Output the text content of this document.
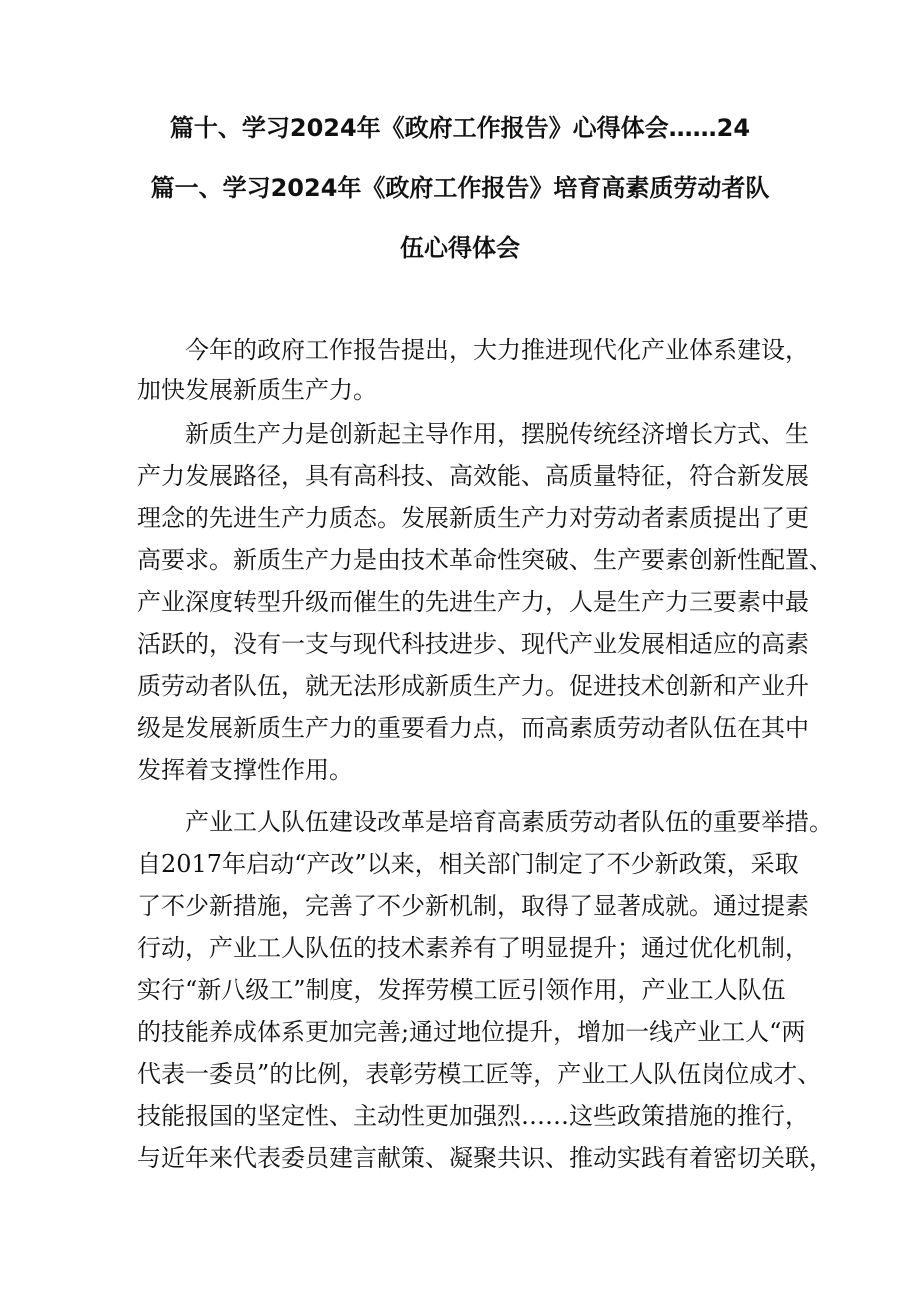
篇十、学习2024年《政府工作报告》心得体会……24
篇一、学习2024年《政府工作报告》培育高素质劳动者队
伍心得体会
今年的政府工作报告提出，大力推进现代化产业体系建设，
加快发展新质生产力。
新质生产力是创新起主导作用，摆脱传统经济增长方式、生
产力发展路径，具有高科技、高效能、高质量特征，符合新发展
理念的先进生产力质态。发展新质生产力对劳动者素质提出了更
高要求。新质生产力是由技术革命性突破、生产要素创新性配置、
产业深度转型升级而催生的先进生产力，人是生产力三要素中最
活跃的，没有一支与现代科技进步、现代产业发展相适应的高素
质劳动者队伍，就无法形成新质生产力。促进技术创新和产业升
级是发展新质生产力的重要看力点，而高素质劳动者队伍在其中
发挥着支撑性作用。
产业工人队伍建设改革是培育高素质劳动者队伍的重要举措。
自2017年启动“产改”以来，相关部门制定了不少新政策，采取
了不少新措施，完善了不少新机制，取得了显著成就。通过提素
行动，产业工人队伍的技术素养有了明显提升；通过优化机制，
实行“新八级工”制度，发挥劳模工匠引领作用，产业工人队伍
的技能养成体系更加完善;通过地位提升，增加一线产业工人“两
代表一委员”的比例，表彰劳模工匠等，产业工人队伍岗位成才、
技能报国的坚定性、主动性更加强烈……这些政策措施的推行，
与近年来代表委员建言献策、凝聚共识、推动实践有着密切关联，
